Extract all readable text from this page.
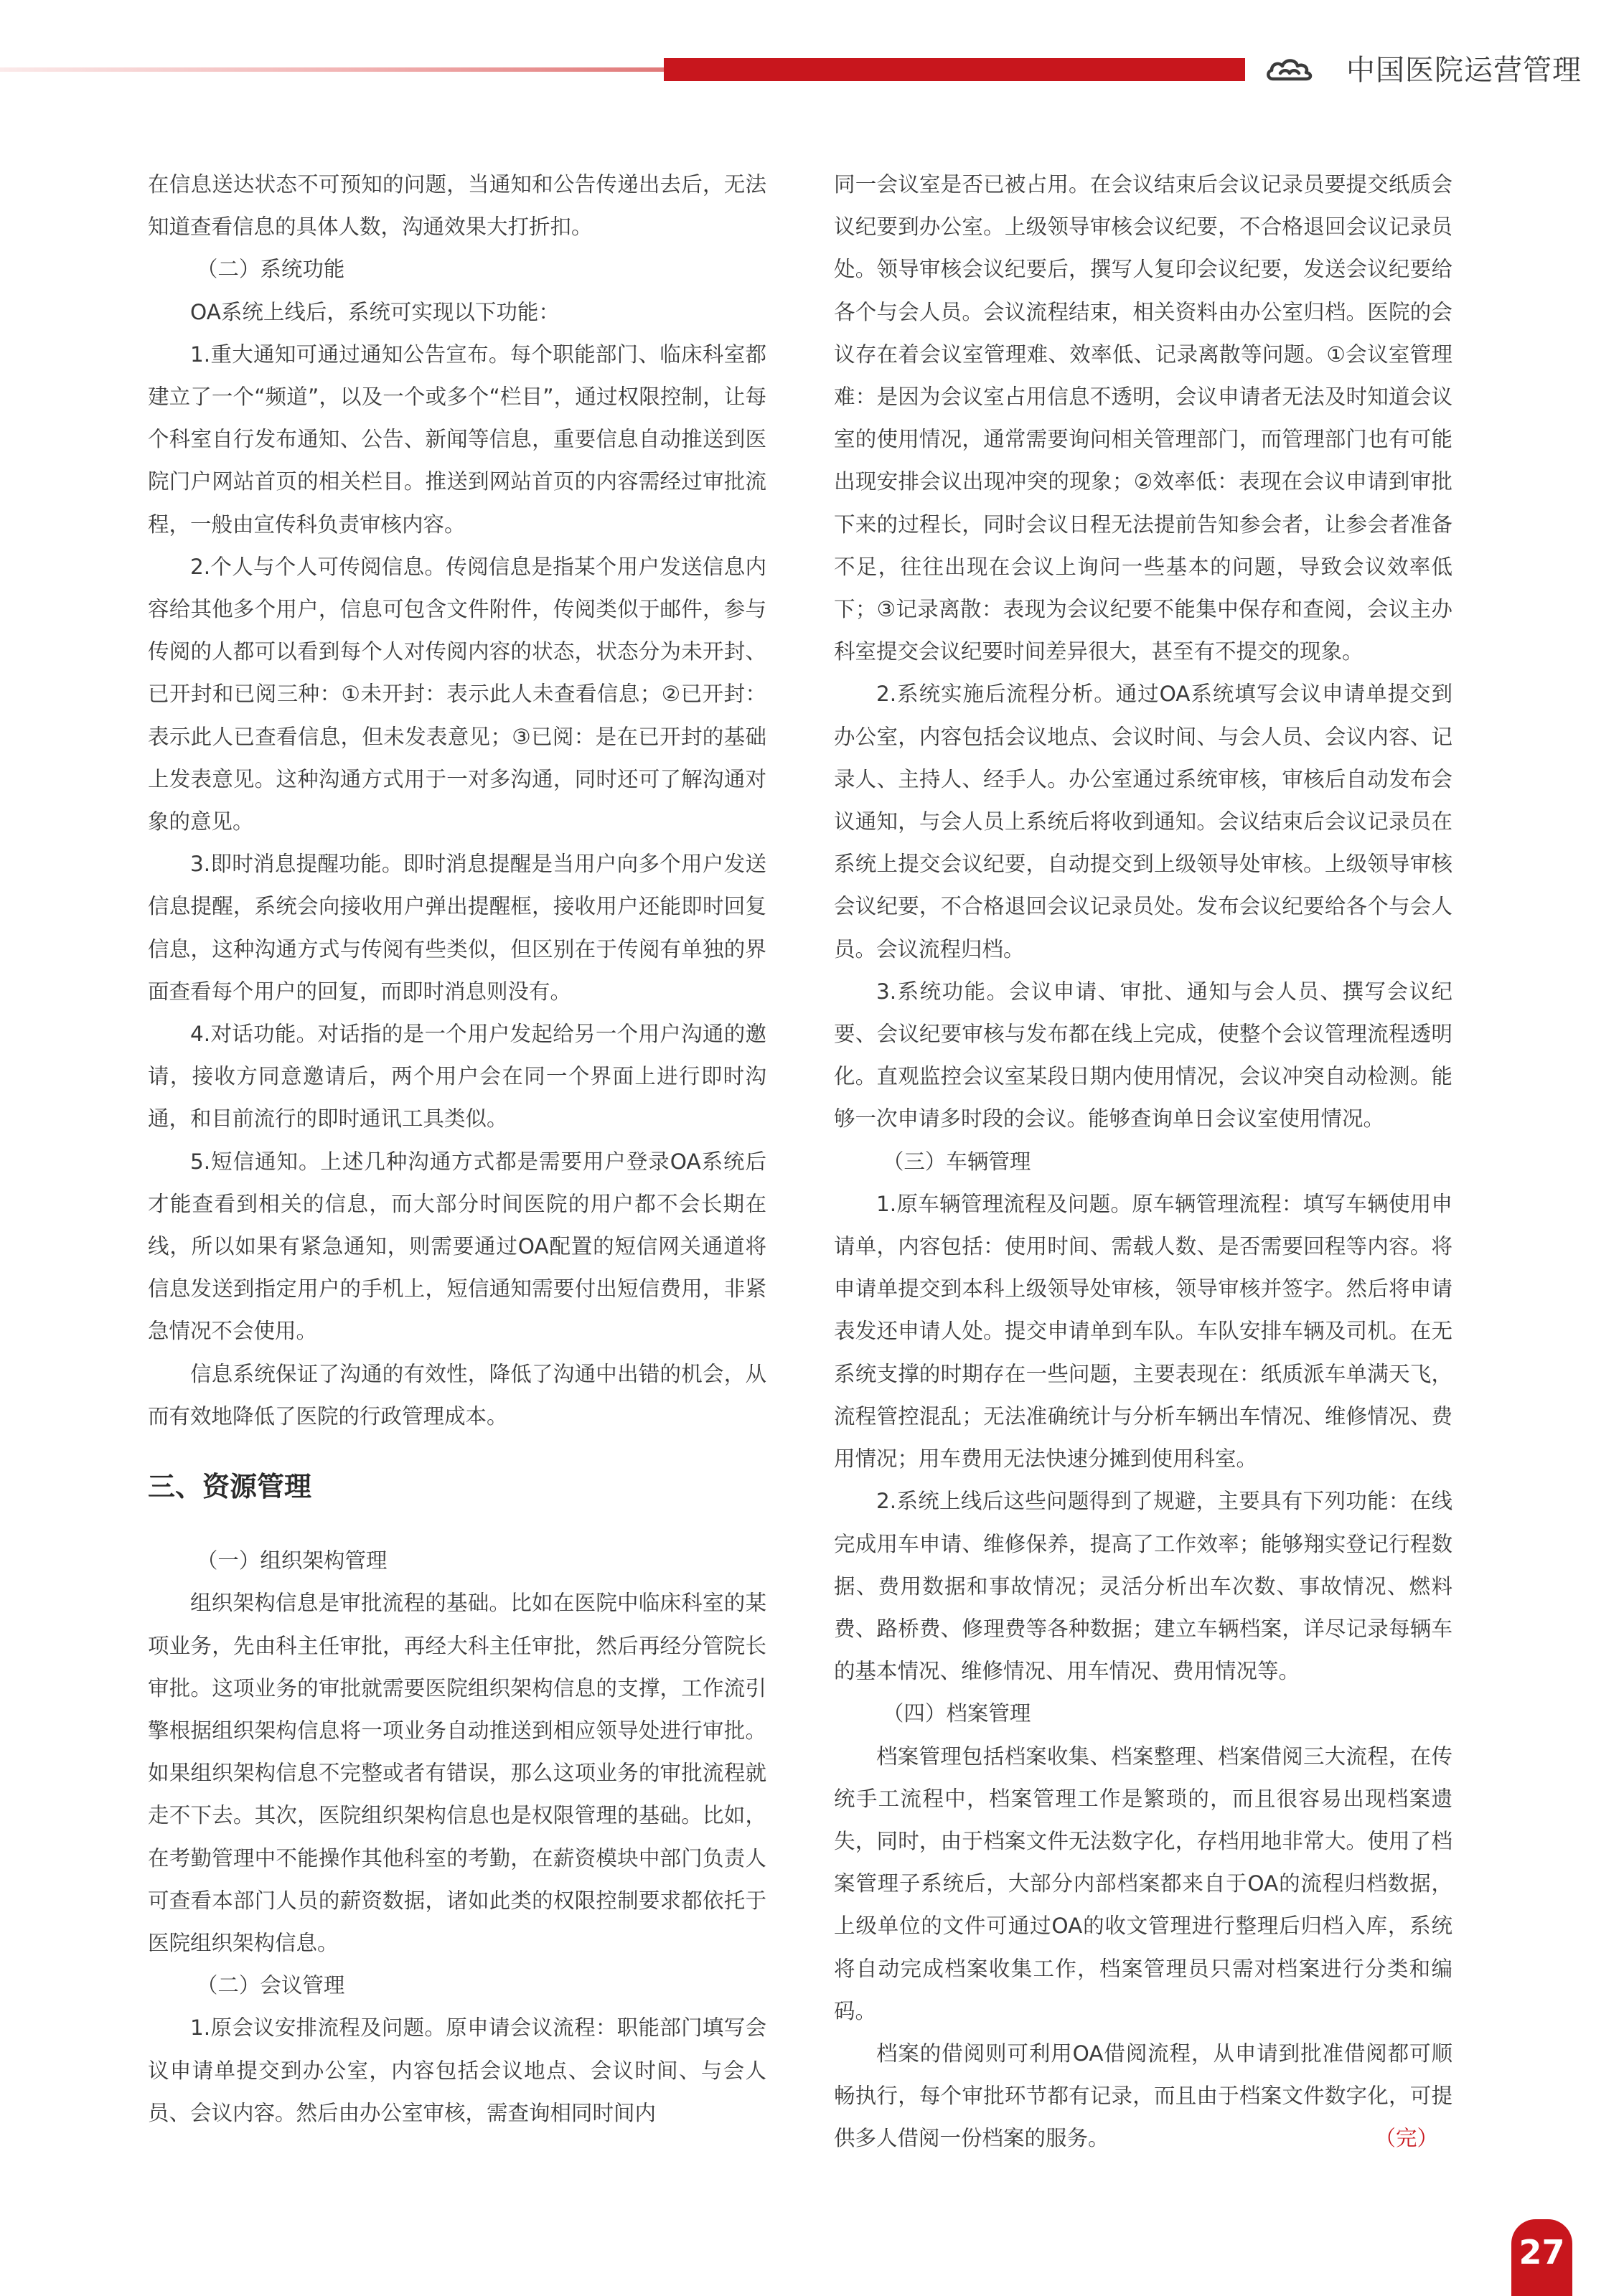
中国医院运营管理

在信息送达状态不可预知的问题，当通知和公告传递出去后，无法知道查看信息的具体人数，沟通效果大打折扣。

（二）系统功能

OA系统上线后，系统可实现以下功能：

1.重大通知可通过通知公告宣布。每个职能部门、临床科室都建立了一个“频道”，以及一个或多个“栏目”，通过权限控制，让每个科室自行发布通知、公告、新闻等信息，重要信息自动推送到医院门户网站首页的相关栏目。推送到网站首页的内容需经过审批流程，一般由宣传科负责审核内容。

2.个人与个人可传阅信息。传阅信息是指某个用户发送信息内容给其他多个用户，信息可包含文件附件，传阅类似于邮件，参与传阅的人都可以看到每个人对传阅内容的状态，状态分为未开封、已开封和已阅三种：①未开封：表示此人未查看信息；②已开封：表示此人已查看信息，但未发表意见；③已阅：是在已开封的基础上发表意见。这种沟通方式用于一对多沟通，同时还可了解沟通对象的意见。

3.即时消息提醒功能。即时消息提醒是当用户向多个用户发送信息提醒，系统会向接收用户弹出提醒框，接收用户还能即时回复信息，这种沟通方式与传阅有些类似，但区别在于传阅有单独的界面查看每个用户的回复，而即时消息则没有。

4.对话功能。对话指的是一个用户发起给另一个用户沟通的邀请，接收方同意邀请后，两个用户会在同一个界面上进行即时沟通，和目前流行的即时通讯工具类似。

5.短信通知。上述几种沟通方式都是需要用户登录OA系统后才能查看到相关的信息，而大部分时间医院的用户都不会长期在线，所以如果有紧急通知，则需要通过OA配置的短信网关通道将信息发送到指定用户的手机上，短信通知需要付出短信费用，非紧急情况不会使用。

信息系统保证了沟通的有效性，降低了沟通中出错的机会，从而有效地降低了医院的行政管理成本。

三、资源管理

（一）组织架构管理

组织架构信息是审批流程的基础。比如在医院中临床科室的某项业务，先由科主任审批，再经大科主任审批，然后再经分管院长审批。这项业务的审批就需要医院组织架构信息的支撑，工作流引擎根据组织架构信息将一项业务自动推送到相应领导处进行审批。如果组织架构信息不完整或者有错误，那么这项业务的审批流程就走不下去。其次，医院组织架构信息也是权限管理的基础。比如，在考勤管理中不能操作其他科室的考勤，在薪资模块中部门负责人可查看本部门人员的薪资数据，诸如此类的权限控制要求都依托于医院组织架构信息。

（二）会议管理

1.原会议安排流程及问题。原申请会议流程：职能部门填写会议申请单提交到办公室，内容包括会议地点、会议时间、与会人员、会议内容。然后由办公室审核，需查询相同时间内

同一会议室是否已被占用。在会议结束后会议记录员要提交纸质会议纪要到办公室。上级领导审核会议纪要，不合格退回会议记录员处。领导审核会议纪要后，撰写人复印会议纪要，发送会议纪要给各个与会人员。会议流程结束，相关资料由办公室归档。医院的会议存在着会议室管理难、效率低、记录离散等问题。①会议室管理难：是因为会议室占用信息不透明，会议申请者无法及时知道会议室的使用情况，通常需要询问相关管理部门，而管理部门也有可能出现安排会议出现冲突的现象；②效率低：表现在会议申请到审批下来的过程长，同时会议日程无法提前告知参会者，让参会者准备不足，往往出现在会议上询问一些基本的问题，导致会议效率低下；③记录离散：表现为会议纪要不能集中保存和查阅，会议主办科室提交会议纪要时间差异很大，甚至有不提交的现象。

2.系统实施后流程分析。通过OA系统填写会议申请单提交到办公室，内容包括会议地点、会议时间、与会人员、会议内容、记录人、主持人、经手人。办公室通过系统审核，审核后自动发布会议通知，与会人员上系统后将收到通知。会议结束后会议记录员在系统上提交会议纪要，自动提交到上级领导处审核。上级领导审核会议纪要，不合格退回会议记录员处。发布会议纪要给各个与会人员。会议流程归档。

3.系统功能。会议申请、审批、通知与会人员、撰写会议纪要、会议纪要审核与发布都在线上完成，使整个会议管理流程透明化。直观监控会议室某段日期内使用情况，会议冲突自动检测。能够一次申请多时段的会议。能够查询单日会议室使用情况。

（三）车辆管理

1.原车辆管理流程及问题。原车辆管理流程：填写车辆使用申请单，内容包括：使用时间、需载人数、是否需要回程等内容。将申请单提交到本科上级领导处审核，领导审核并签字。然后将申请表发还申请人处。提交申请单到车队。车队安排车辆及司机。在无系统支撑的时期存在一些问题，主要表现在：纸质派车单满天飞，流程管控混乱；无法准确统计与分析车辆出车情况、维修情况、费用情况；用车费用无法快速分摊到使用科室。

2.系统上线后这些问题得到了规避，主要具有下列功能：在线完成用车申请、维修保养，提高了工作效率；能够翔实登记行程数据、费用数据和事故情况；灵活分析出车次数、事故情况、燃料费、路桥费、修理费等各种数据；建立车辆档案，详尽记录每辆车的基本情况、维修情况、用车情况、费用情况等。

（四）档案管理

档案管理包括档案收集、档案整理、档案借阅三大流程，在传统手工流程中，档案管理工作是繁琐的，而且很容易出现档案遗失，同时，由于档案文件无法数字化，存档用地非常大。使用了档案管理子系统后，大部分内部档案都来自于OA的流程归档数据，上级单位的文件可通过OA的收文管理进行整理后归档入库，系统将自动完成档案收集工作，档案管理员只需对档案进行分类和编码。

档案的借阅则可利用OA借阅流程，从申请到批准借阅都可顺畅执行，每个审批环节都有记录，而且由于档案文件数字化，可提供多人借阅一份档案的服务。	（完）

27
